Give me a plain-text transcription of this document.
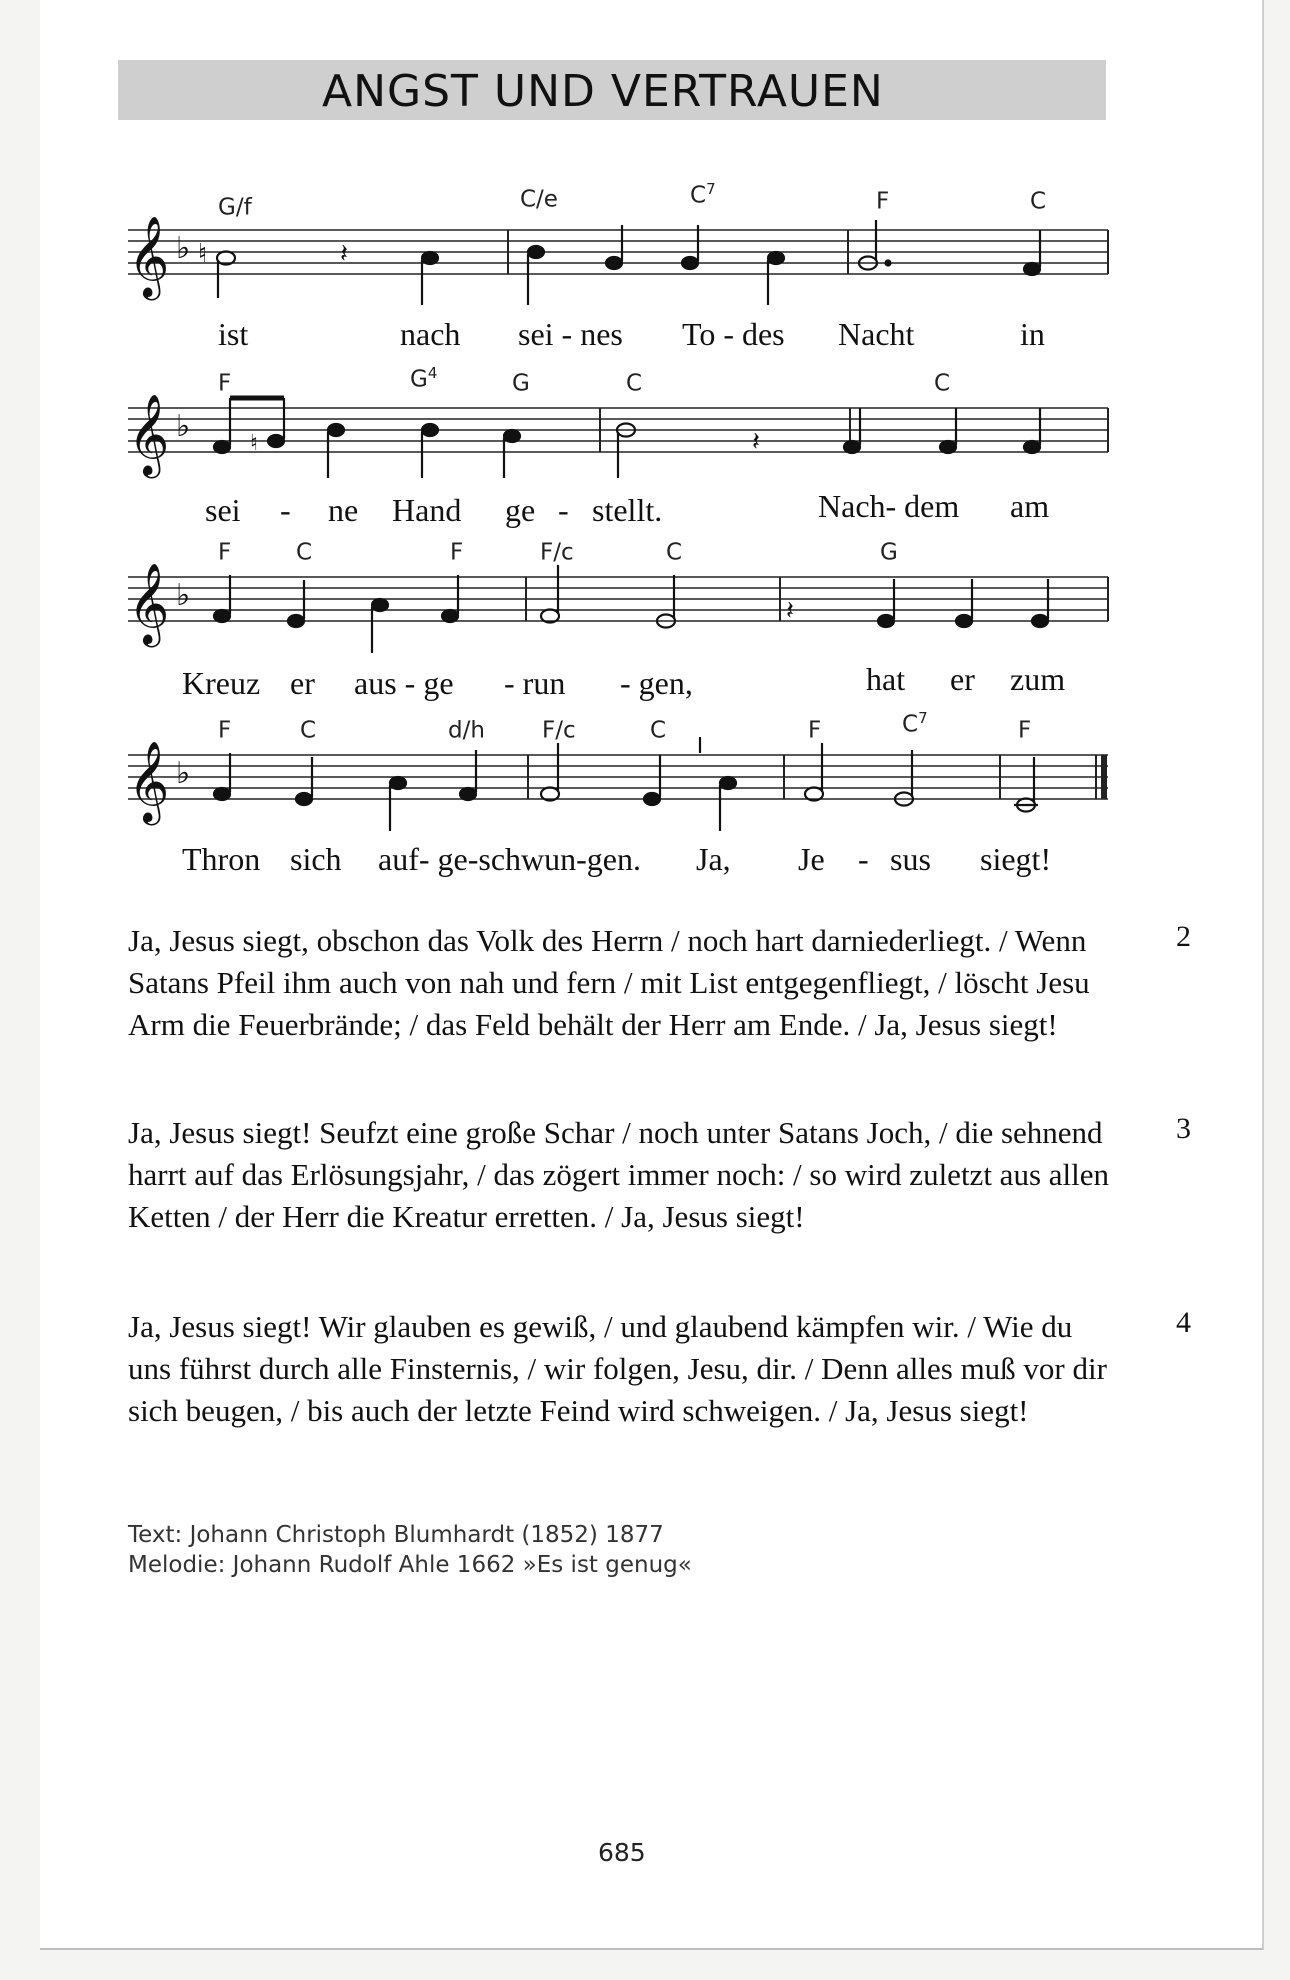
ANGST UND VERTRAUEN
𝄞 ♭ ♮	𝄽
G/f	C/e	$C^7$	F	C
ist	nach sei - nes To - des Nacht	in
𝄞 ♭	♮	𝄽
F	$G^4$	G	C	C
sei - ne Hand ge - stellt.	Nach- dem am
𝄞 ♭	𝄽
F	C	F	F/c	C	G
Kreuz er aus - ge - run - gen,	hat er zum
𝄞 ♭
F	C	d/h F/c	C	F	$C^7$	F
Thron sich auf- ge-schwun-gen. Ja, Je - sus siegt!
Ja, Jesus siegt, obschon das Volk des Herrn / noch hart darniederliegt. / Wenn Satans Pfeil ihm auch von nah und fern / mit List entgegenfliegt, / löscht Jesu Arm die Feuerbrände; / das Feld behält der Herr am Ende. / Ja, Jesus siegt!
2
Ja, Jesus siegt! Seufzt eine große Schar / noch unter Satans Joch, / die sehnend harrt auf das Erlösungsjahr, / das zögert immer noch: / so wird zuletzt aus allen Ketten / der Herr die Kreatur erretten. / Ja, Jesus siegt!
3
Ja, Jesus siegt! Wir glauben es gewiß, / und glaubend kämpfen wir. / Wie du uns führst durch alle Finsternis, / wir folgen, Jesu, dir. / Denn alles muß vor dir sich beugen, / bis auch der letzte Feind wird schweigen. / Ja, Jesus siegt!
4
Text: Johann Christoph Blumhardt (1852) 1877
Melodie: Johann Rudolf Ahle 1662 »Es ist genug«
685
